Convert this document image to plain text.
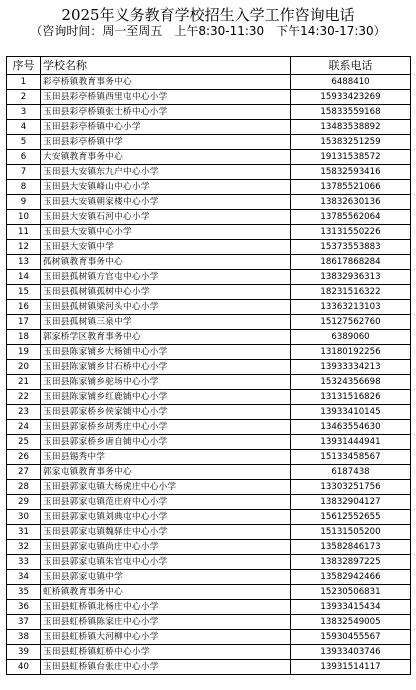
2025年义务教育学校招生入学工作咨询电话
（咨询时间：周一至周五　上午8:30-11:30　下午14:30-17:30）
序号	学校名称	联系电话
1	彩亭桥镇教育事务中心	6488410
2	玉田县彩亭桥镇西里屯中心小学	15933423269
3	玉田县彩亭桥镇张士桥中心小学	15833559168
4	玉田县彩亭桥镇中心小学	13483538892
5	玉田县彩亭桥镇中学	15383251259
6	大安镇教育事务中心	19131538572
7	玉田县大安镇东九户中心小学	15832593416
8	玉田县大安镇峰山中心小学	13785521066
9	玉田县大安镇朝家楼中心小学	13832630136
10	玉田县大安镇石河中心小学	13785562064
11	玉田县大安镇中心小学	13131550226
12	玉田县大安镇中学	15373553883
13	孤树镇教育事务中心	18617868284
14	玉田县孤树镇方官屯中心小学	13832936313
15	玉田县孤树镇孤树中心小学	18231516322
16	玉田县孤树镇梁河头中心小学	13363213103
17	玉田县孤树镇三泉中学	15127562760
18	郭家桥学区教育事务中心	6389060
19	玉田县陈家铺乡大杨铺中心小学	13180192256
20	玉田县陈家铺乡甘石桥中心小学	13933334213
21	玉田县陈家铺乡驼场中心小学	15324356698
22	玉田县陈家铺乡红鹿铺中心小学	13131516826
23	玉田县郭家桥乡侯家铺中心小学	13933410145
24	玉田县郭家桥乡胡秀庄中心小学	13463554630
25	玉田县郭家桥乡唐自铺中心小学	13931444941
26	玉田县锡秀中学	15133458567
27	郭家屯镇教育事务中心	6187438
28	玉田县郭家屯镇大杨虎庄中心小学	13303251756
29	玉田县郭家屯镇范庄府中心小学	13832904127
30	玉田县郭家屯镇刘典屯中心小学	15612552655
31	玉田县郭家屯镇魏驿庄中心小学	15131505200
32	玉田县郭家屯镇尚庄中心小学	13582846173
33	玉田县郭家屯镇朱官屯中心小学	13832897225
34	玉田县郭家屯镇中学	13582942466
35	虹桥镇教育事务中心	15230506831
36	玉田县虹桥镇北杨庄中心小学	13933415434
37	玉田县虹桥镇陈家庄中心小学	13832549005
38	玉田县虹桥镇大河柳中心小学	15930455567
39	玉田县虹桥镇虹桥中心小学	13933403746
40	玉田县虹桥镇台张庄中心小学	13931514117
